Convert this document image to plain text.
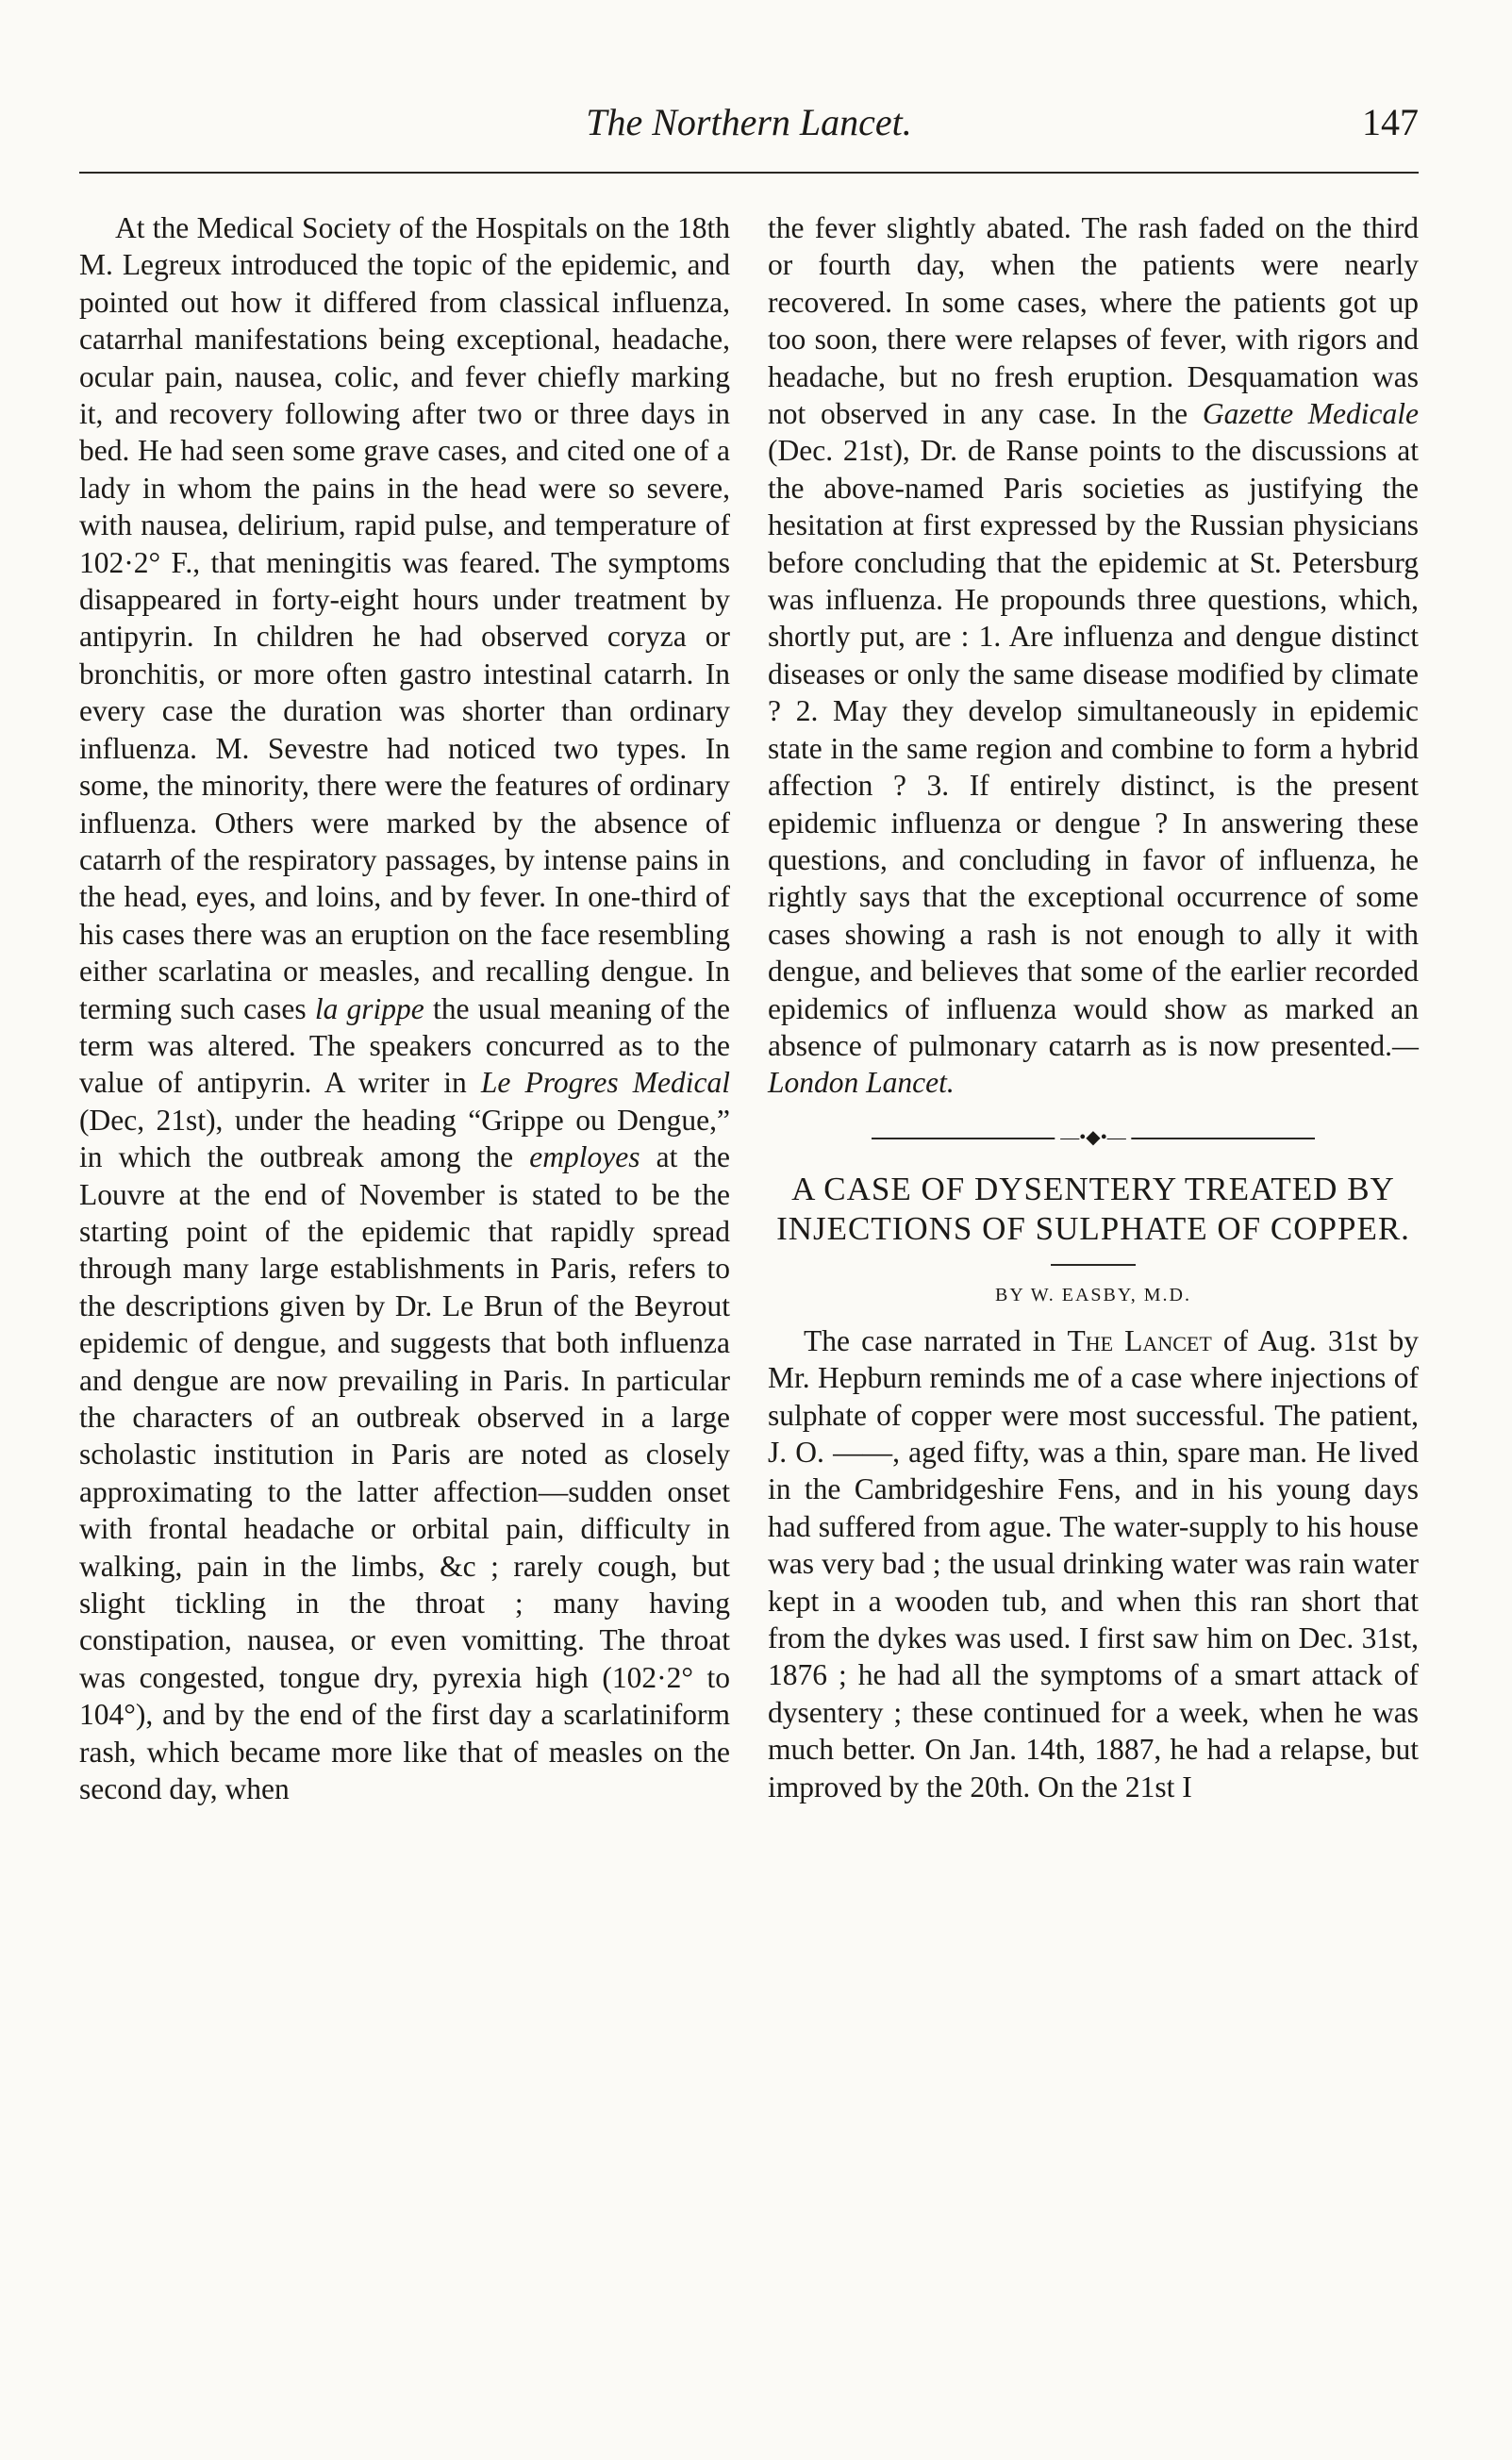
The Northern Lancet.	147

At the Medical Society of the Hospitals on the 18th M. Legreux introduced the topic of the epidemic, and pointed out how it differed from classical influenza, catarrhal manifestations being exceptional, headache, ocular pain, nausea, colic, and fever chiefly marking it, and recovery following after two or three days in bed. He had seen some grave cases, and cited one of a lady in whom the pains in the head were so severe, with nausea, delirium, rapid pulse, and temperature of 102·2° F., that meningitis was feared. The symptoms disappeared in forty-eight hours under treatment by antipyrin. In children he had observed coryza or bronchitis, or more often gastro intestinal catarrh. In every case the duration was shorter than ordinary influenza. M. Sevestre had noticed two types. In some, the minority, there were the features of ordinary influenza. Others were marked by the absence of catarrh of the respiratory passages, by intense pains in the head, eyes, and loins, and by fever. In one-third of his cases there was an eruption on the face resembling either scarlatina or measles, and recalling dengue. In terming such cases la grippe the usual meaning of the term was altered. The speakers concurred as to the value of antipyrin. A writer in Le Progres Medical (Dec, 21st), under the heading “Grippe ou Dengue,” in which the outbreak among the employes at the Louvre at the end of November is stated to be the starting point of the epidemic that rapidly spread through many large establishments in Paris, refers to the descriptions given by Dr. Le Brun of the Beyrout epidemic of dengue, and suggests that both influenza and dengue are now prevailing in Paris. In particular the characters of an outbreak observed in a large scholastic institution in Paris are noted as closely approximating to the latter affection—sudden onset with frontal headache or orbital pain, difficulty in walking, pain in the limbs, &c ; rarely cough, but slight tickling in the throat ; many having constipation, nausea, or even vomitting. The throat was congested, tongue dry, pyrexia high (102·2° to 104°), and by the end of the first day a scarlatiniform rash, which became more like that of measles on the second day, when

the fever slightly abated. The rash faded on the third or fourth day, when the patients were nearly recovered. In some cases, where the patients got up too soon, there were relapses of fever, with rigors and headache, but no fresh eruption. Desquamation was not observed in any case. In the Gazette Medicale (Dec. 21st), Dr. de Ranse points to the discussions at the above-named Paris societies as justifying the hesitation at first expressed by the Russian physicians before concluding that the epidemic at St. Petersburg was influenza. He propounds three questions, which, shortly put, are : 1. Are influenza and dengue distinct diseases or only the same disease modified by climate ? 2. May they develop simultaneously in epidemic state in the same region and combine to form a hybrid affection ? 3. If entirely distinct, is the present epidemic influenza or dengue ? In answering these questions, and concluding in favor of influenza, he rightly says that the exceptional occurrence of some cases showing a rash is not enough to ally it with dengue, and believes that some of the earlier recorded epidemics of influenza would show as marked an absence of pulmonary catarrh as is now presented.—London Lancet.

—•◆•—
A CASE OF DYSENTERY TREATED BY INJECTIONS OF SULPHATE OF COPPER.
BY W. EASBY, M.D.

The case narrated in The Lancet of Aug. 31st by Mr. Hepburn reminds me of a case where injections of sulphate of copper were most successful. The patient, J. O. ——, aged fifty, was a thin, spare man. He lived in the Cambridgeshire Fens, and in his young days had suffered from ague. The water-supply to his house was very bad ; the usual drinking water was rain water kept in a wooden tub, and when this ran short that from the dykes was used. I first saw him on Dec. 31st, 1876 ; he had all the symptoms of a smart attack of dysentery ; these continued for a week, when he was much better. On Jan. 14th, 1887, he had a relapse, but improved by the 20th. On the 21st I
